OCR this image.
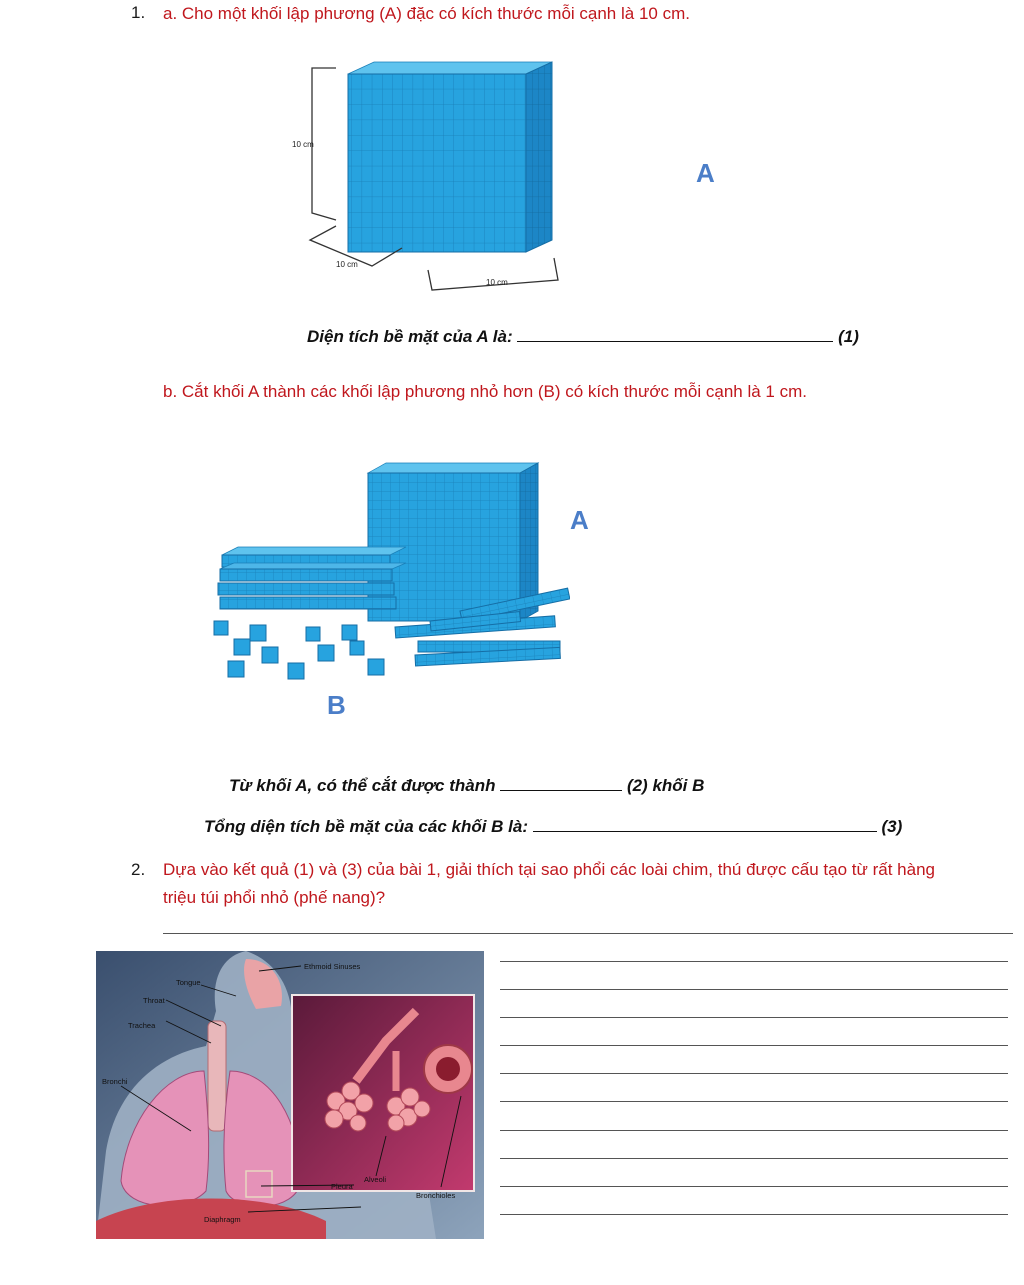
1. a. Cho một khối lập phương (A) đặc có kích thước mỗi cạnh là 10 cm.
10 cm
10 cm
10 cm
A
Diện tích bề mặt của A là:	(1)
b. Cắt khối A thành các khối lập phương nhỏ hơn (B) có kích thước mỗi cạnh là 1 cm.
A
B
Từ khối A, có thể cắt được thành	(2) khối B
Tổng diện tích bề mặt của các khối B là:	(3)
2. Dựa vào kết quả (1) và (3) của bài 1, giải thích tại sao phổi các loài chim, thú được cấu tạo từ rất hàng
triệu túi phổi nhỏ (phế nang)?
Ethmoid Sinuses
Tongue
Throat
Trachea
Bronchi
Alveoli
Pleura
Bronchioles
Diaphragm
